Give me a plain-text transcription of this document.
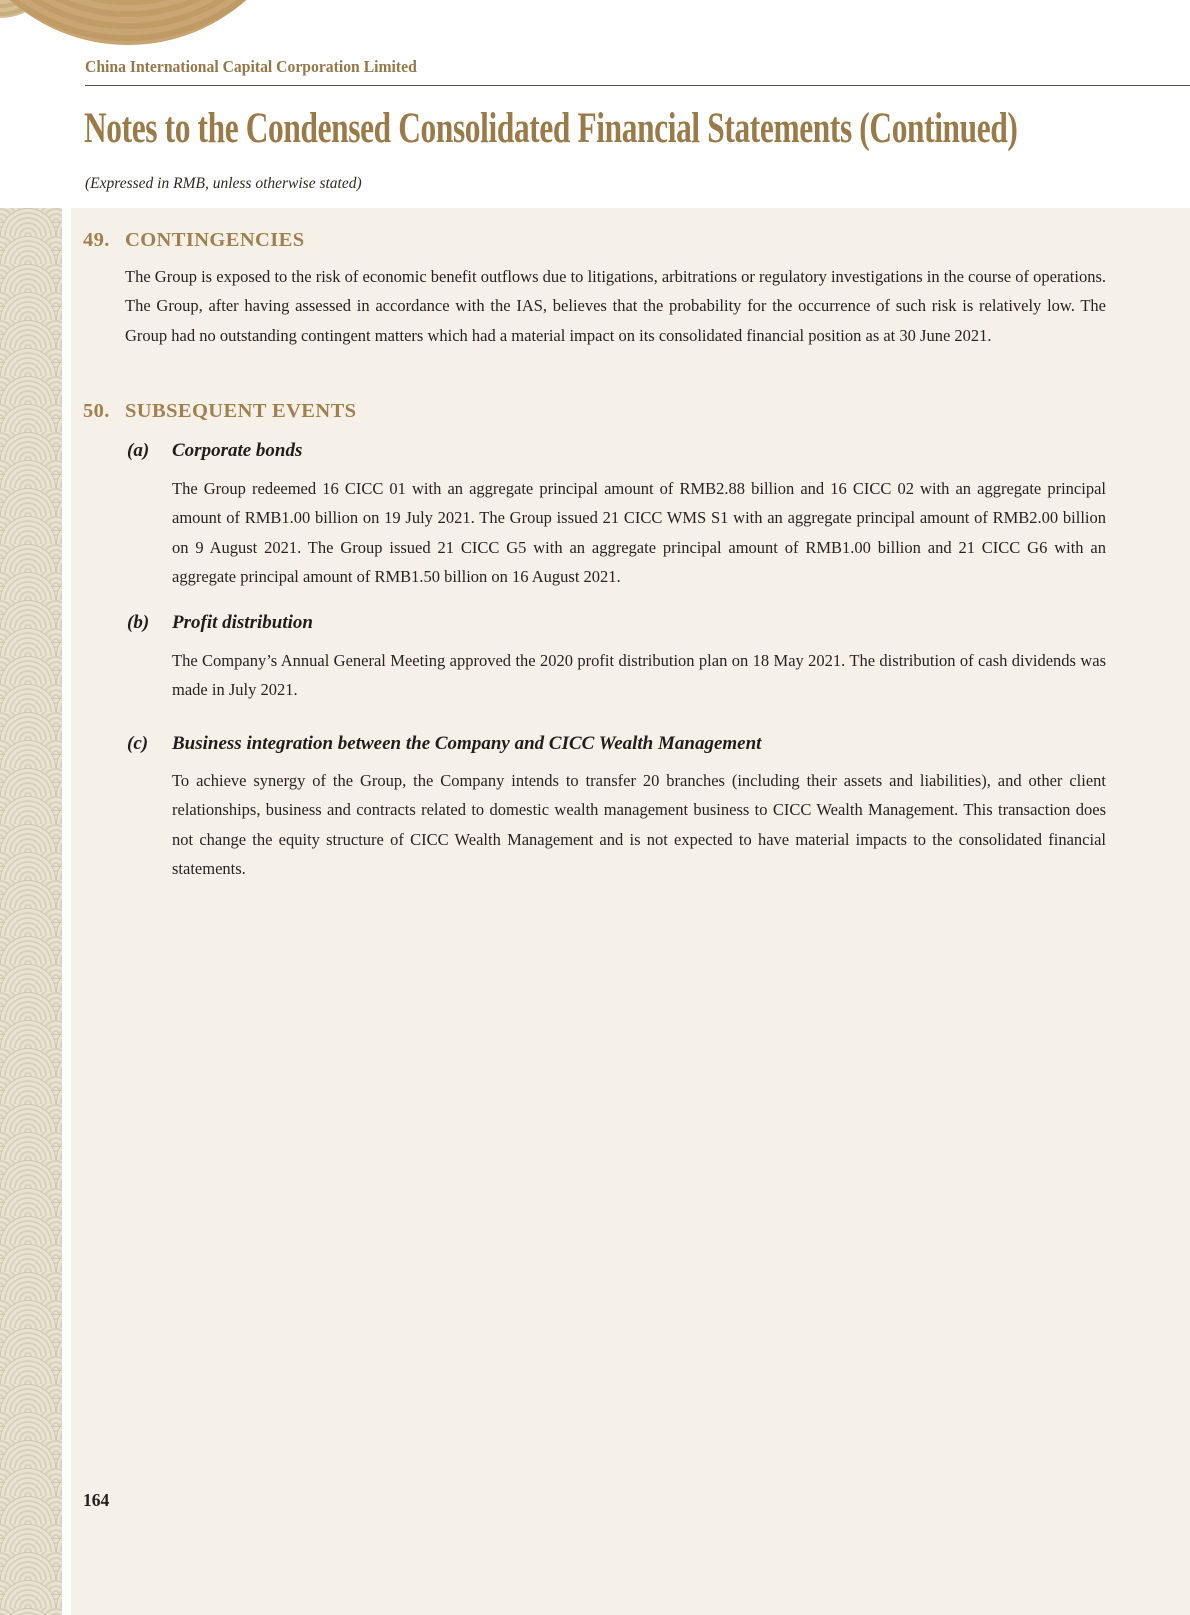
China International Capital Corporation Limited
Notes to the Condensed Consolidated Financial Statements (Continued)
(Expressed in RMB, unless otherwise stated)
49. CONTINGENCIES
The Group is exposed to the risk of economic benefit outflows due to litigations, arbitrations or regulatory investigations in the course of operations. The Group, after having assessed in accordance with the IAS, believes that the probability for the occurrence of such risk is relatively low. The Group had no outstanding contingent matters which had a material impact on its consolidated financial position as at 30 June 2021.
50. SUBSEQUENT EVENTS
(a)	Corporate bonds
The Group redeemed 16 CICC 01 with an aggregate principal amount of RMB2.88 billion and 16 CICC 02 with an aggregate principal amount of RMB1.00 billion on 19 July 2021. The Group issued 21 CICC WMS S1 with an aggregate principal amount of RMB2.00 billion on 9 August 2021. The Group issued 21 CICC G5 with an aggregate principal amount of RMB1.00 billion and 21 CICC G6 with an aggregate principal amount of RMB1.50 billion on 16 August 2021.
(b)	Profit distribution
The Company’s Annual General Meeting approved the 2020 profit distribution plan on 18 May 2021. The distribution of cash dividends was made in July 2021.
(c)	Business integration between the Company and CICC Wealth Management
To achieve synergy of the Group, the Company intends to transfer 20 branches (including their assets and liabilities), and other client relationships, business and contracts related to domestic wealth management business to CICC Wealth Management. This transaction does not change the equity structure of CICC Wealth Management and is not expected to have material impacts to the consolidated financial statements.
164
